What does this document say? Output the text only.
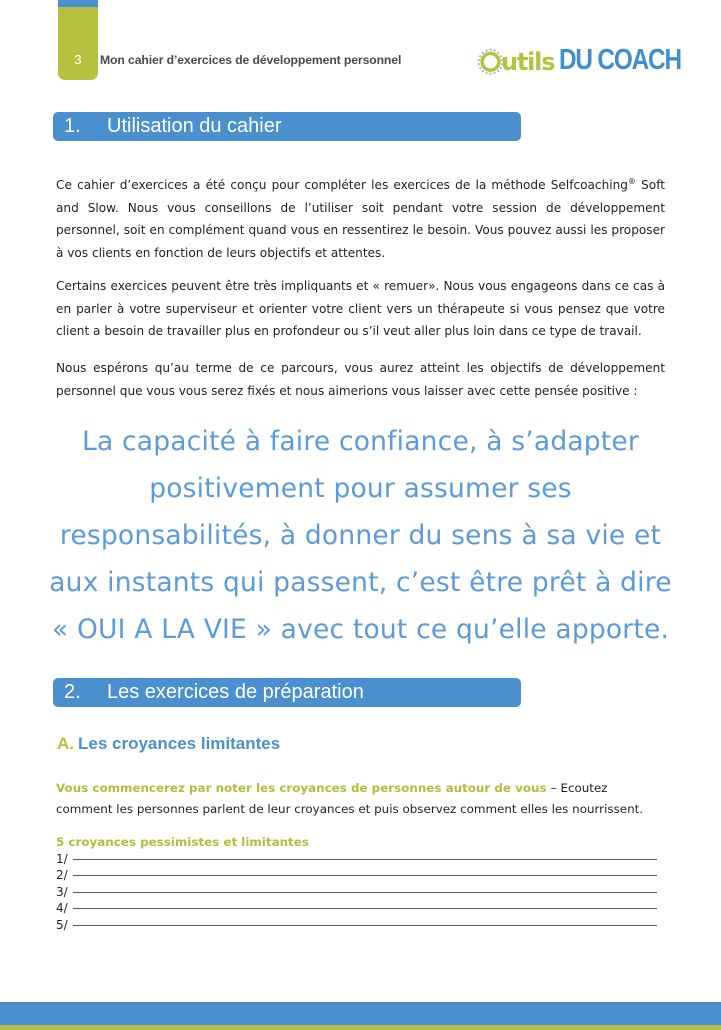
3	Mon cahier d’exercices de développement personnel	utils DU COACH
1.	Utilisation du cahier
Ce cahier d’exercices a été conçu pour compléter les exercices de la méthode Selfcoaching® Soft and Slow. Nous vous conseillons de l’utiliser soit pendant votre session de développement personnel, soit en complément quand vous en ressentirez le besoin. Vous pouvez aussi les proposer à vos clients en fonction de leurs objectifs et attentes.
Certains exercices peuvent être très impliquants et « remuer». Nous vous engageons dans ce cas à en parler à votre superviseur et orienter votre client vers un thérapeute si vous pensez que votre client a besoin de travailler plus en profondeur ou s’il veut aller plus loin dans ce type de travail.
Nous espérons qu’au terme de ce parcours, vous aurez atteint les objectifs de développement personnel que vous vous serez fixés et nous aimerions vous laisser avec cette pensée positive :
La capacité à faire confiance, à s’adapter
positivement pour assumer ses
responsabilités, à donner du sens à sa vie et
aux instants qui passent, c’est être prêt à dire
« OUI A LA VIE » avec tout ce qu’elle apporte.
2.	Les exercices de préparation
A. Les croyances limitantes
Vous commencerez par noter les croyances de personnes autour de vous – Ecoutez comment les personnes parlent de leur croyances et puis observez comment elles les nourrissent.
5 croyances pessimistes et limitantes
1/
2/
3/
4/
5/
